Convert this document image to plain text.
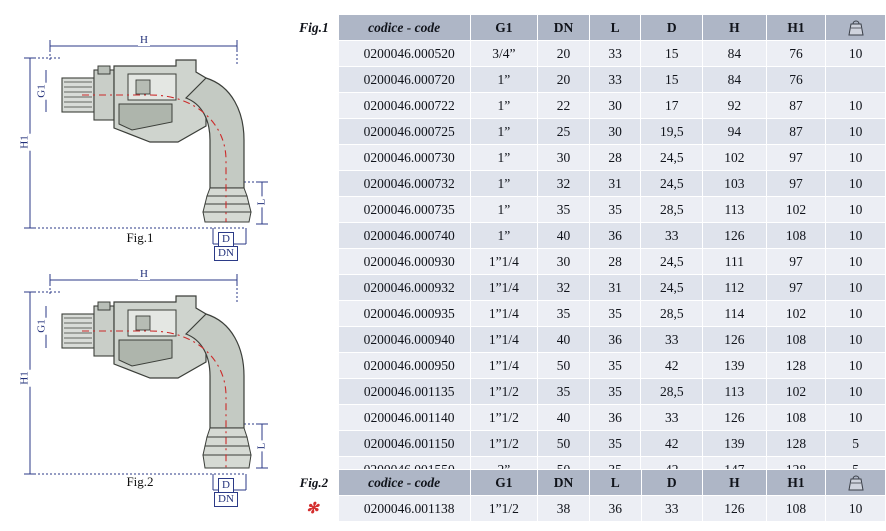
H
H1
G1
L
D
DN
Fig.1
H
H1
G1
L
D
DN
Fig.2
Fig.1	codice - code	G1	DN	L	D	H	H1	
	0200046.000520	3/4”	20	33	15	84	76	10
	0200046.000720	1”	20	33	15	84	76	
	0200046.000722	1”	22	30	17	92	87	10
	0200046.000725	1”	25	30	19,5	94	87	10
	0200046.000730	1”	30	28	24,5	102	97	10
	0200046.000732	1”	32	31	24,5	103	97	10
	0200046.000735	1”	35	35	28,5	113	102	10
	0200046.000740	1”	40	36	33	126	108	10
	0200046.000930	1”1/4	30	28	24,5	111	97	10
	0200046.000932	1”1/4	32	31	24,5	112	97	10
	0200046.000935	1”1/4	35	35	28,5	114	102	10
	0200046.000940	1”1/4	40	36	33	126	108	10
	0200046.000950	1”1/4	50	35	42	139	128	10
	0200046.001135	1”1/2	35	35	28,5	113	102	10
	0200046.001140	1”1/2	40	36	33	126	108	10
	0200046.001150	1”1/2	50	35	42	139	128	5

Fig.2	codice - code	G1	DN	L	D	H	H1	
✻	0200046.001138	1”1/2	38	36	33	126	108	10
